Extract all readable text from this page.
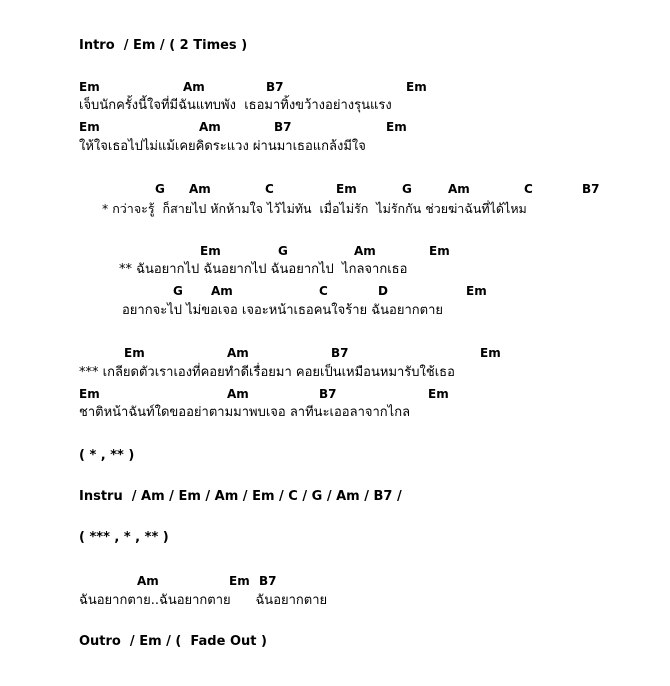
Intro  / Em / ( 2 Times )
Em	Am	B7	Em
เจ็บนักครั้งนี้ใจที่มีฉันแทบพัง  เธอมาทิ้งขว้างอย่างรุนแรง
Em	Am	B7	Em
ให้ใจเธอไปไม่แม้เคยคิดระแวง ผ่านมาเธอแกล้งมีใจ
G Am	C	Em	G	Am	C	B7
* กว่าจะรู้  ก็สายไป หักห้ามใจ ไว้ไม่ทัน  เมื่อไม่รัก  ไม่รักกัน ช่วยฆ่าฉันที่ได้ไหม
Em	G	Am	Em
** ฉันอยากไป ฉันอยากไป ฉันอยากไป  ไกลจากเธอ
G Am	C	D	Em
อยากจะไป ไม่ขอเจอ เจอะหน้าเธอคนใจร้าย ฉันอยากตาย
Em	Am	B7	Em
*** เกลียดตัวเราเองที่คอยทำดีเรื่อยมา คอยเป็นเหมือนหมารับใช้เธอ
Em	Am	B7	Em
ชาติหน้าฉันท์ใดขออย่าตามมาพบเจอ ลาทีนะเออลาจากไกล
( * , ** )
Instru  / Am / Em / Am / Em / C / G / Am / B7 /
( *** , * , ** )
Am	Em B7
ฉันอยากตาย..ฉันอยากตาย      ฉันอยากตาย
Outro  / Em / (  Fade Out )
